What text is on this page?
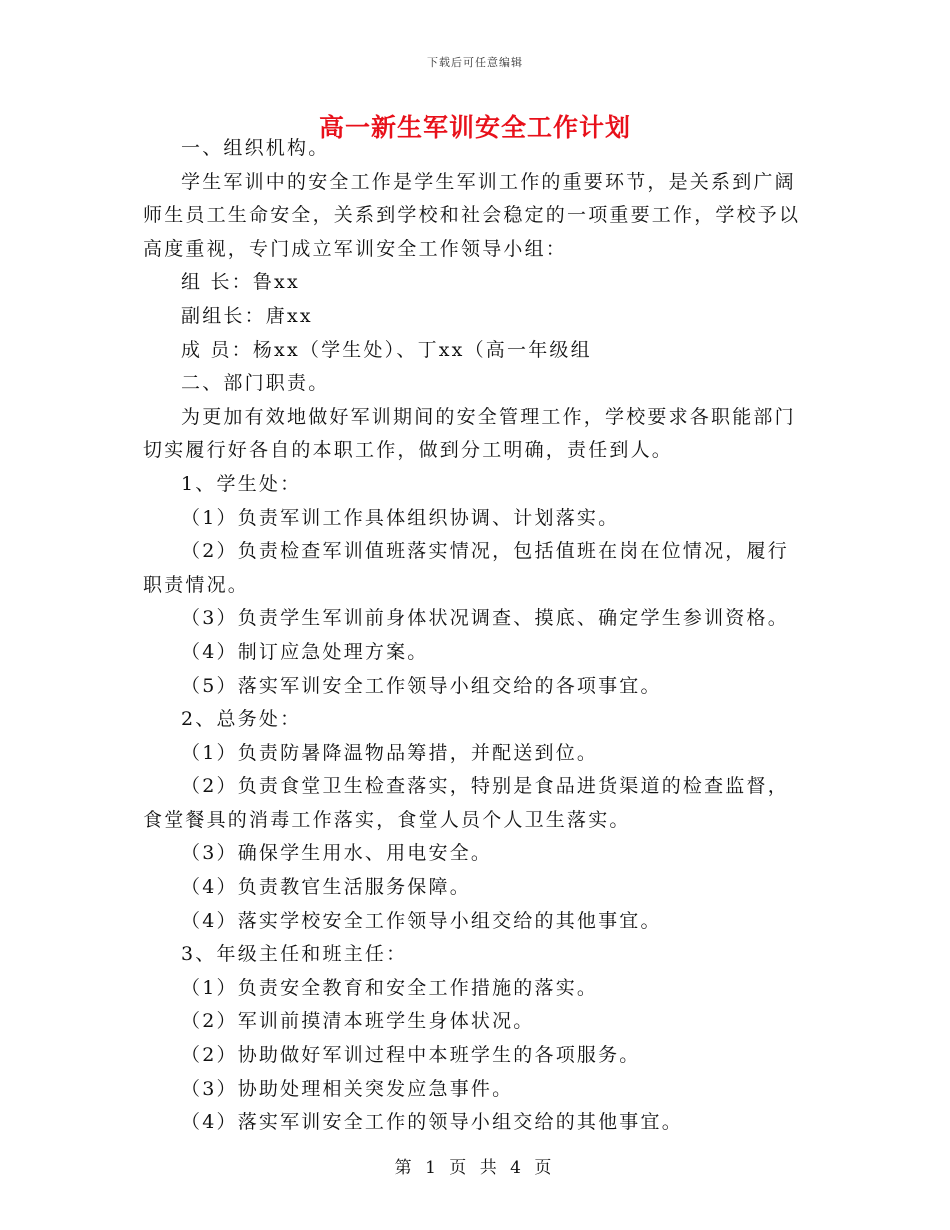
下载后可任意编辑
高一新生军训安全工作计划

一、组织机构。

学生军训中的安全工作是学生军训工作的重要环节，是关系到广阔师生员工生命安全，关系到学校和社会稳定的一项重要工作，学校予以高度重视，专门成立军训安全工作领导小组：

组 长：鲁xx

副组长：唐xx

成 员：杨xx（学生处）、丁xx（高一年级组

二、部门职责。

为更加有效地做好军训期间的安全管理工作，学校要求各职能部门切实履行好各自的本职工作，做到分工明确，责任到人。

1、学生处：

（1）负责军训工作具体组织协调、计划落实。

（2）负责检查军训值班落实情况，包括值班在岗在位情况，履行职责情况。

（3）负责学生军训前身体状况调查、摸底、确定学生参训资格。

（4）制订应急处理方案。

（5）落实军训安全工作领导小组交给的各项事宜。

2、总务处：

（1）负责防暑降温物品筹措，并配送到位。

（2）负责食堂卫生检查落实，特别是食品进货渠道的检查监督，食堂餐具的消毒工作落实，食堂人员个人卫生落实。

（3）确保学生用水、用电安全。

（4）负责教官生活服务保障。

（4）落实学校安全工作领导小组交给的其他事宜。

3、年级主任和班主任：

（1）负责安全教育和安全工作措施的落实。

（2）军训前摸清本班学生身体状况。

（2）协助做好军训过程中本班学生的各项服务。

（3）协助处理相关突发应急事件。

（4）落实军训安全工作的领导小组交给的其他事宜。

第 1 页 共 4 页
